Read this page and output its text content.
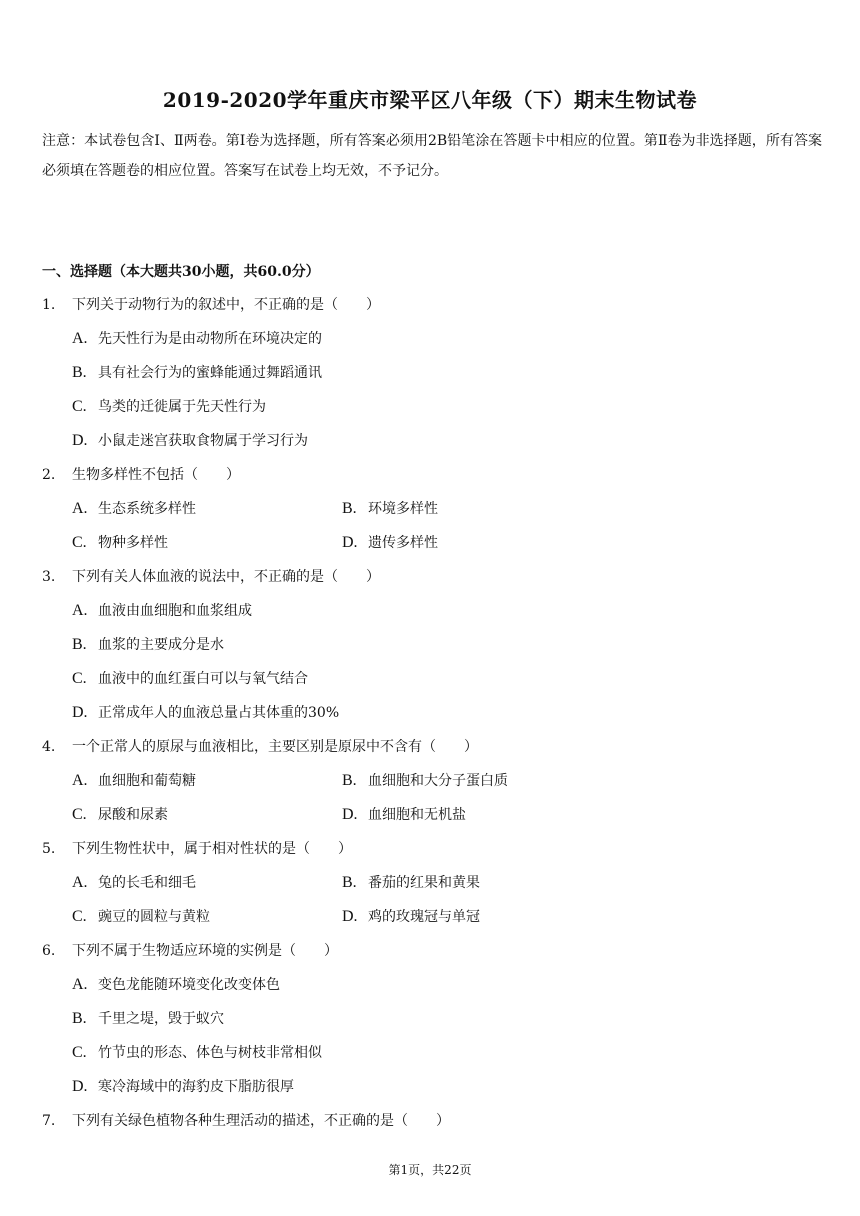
2019-2020学年重庆市梁平区八年级（下）期末生物试卷
注意：本试卷包含Ⅰ、Ⅱ两卷。第Ⅰ卷为选择题，所有答案必须用2B铅笔涂在答题卡中相应的位置。第Ⅱ卷为非选择题，所有答案必须填在答题卷的相应位置。答案写在试卷上均无效，不予记分。
一、选择题（本大题共30小题，共60.0分）
1.	下列关于动物行为的叙述中，不正确的是（　　）
A. 先天性行为是由动物所在环境决定的
B. 具有社会行为的蜜蜂能通过舞蹈通讯
C. 鸟类的迁徙属于先天性行为
D. 小鼠走迷宫获取食物属于学习行为
2.	生物多样性不包括（　　）
A. 生态系统多样性	B. 环境多样性
C. 物种多样性	D. 遗传多样性
3.	下列有关人体血液的说法中，不正确的是（　　）
A. 血液由血细胞和血浆组成
B. 血浆的主要成分是水
C. 血液中的血红蛋白可以与氧气结合
D. 正常成年人的血液总量占其体重的30%
4.	一个正常人的原尿与血液相比，主要区别是原尿中不含有（　　）
A. 血细胞和葡萄糖	B. 血细胞和大分子蛋白质
C. 尿酸和尿素	D. 血细胞和无机盐
5.	下列生物性状中，属于相对性状的是（　　）
A. 兔的长毛和细毛	B. 番茄的红果和黄果
C. 豌豆的圆粒与黄粒	D. 鸡的玫瑰冠与单冠
6.	下列不属于生物适应环境的实例是（　　）
A. 变色龙能随环境变化改变体色
B. 千里之堤，毁于蚁穴
C. 竹节虫的形态、体色与树枝非常相似
D. 寒冷海域中的海豹皮下脂肪很厚
7.	下列有关绿色植物各种生理活动的描述，不正确的是（　　）
第1页，共22页
